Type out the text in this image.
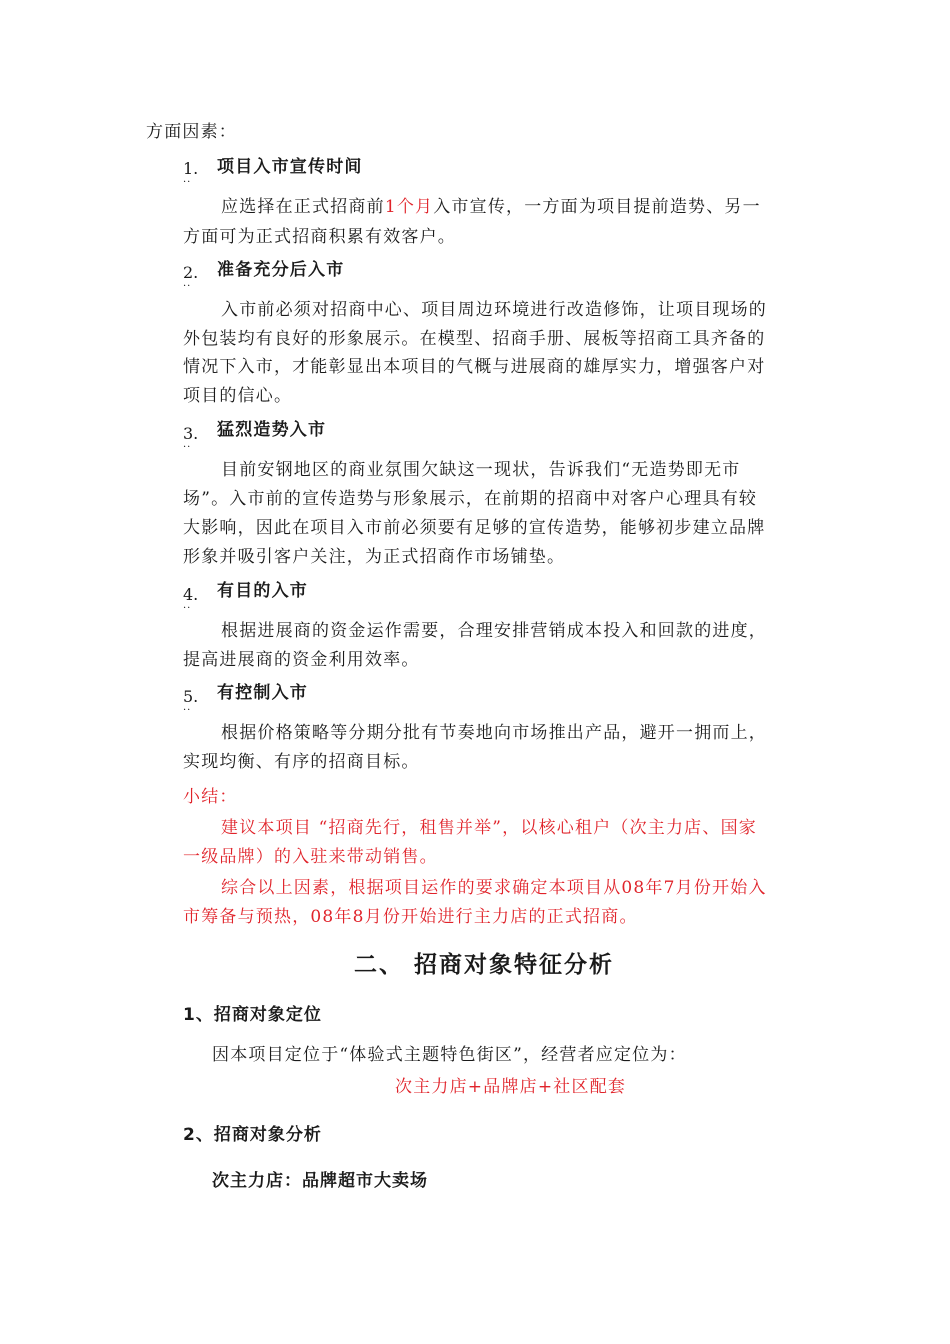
方面因素：
1.
··
项目入市宣传时间
应选择在正式招商前1个月入市宣传，一方面为项目提前造势、另一
方面可为正式招商积累有效客户。
2.
··
准备充分后入市
入市前必须对招商中心、项目周边环境进行改造修饰，让项目现场的
外包装均有良好的形象展示。在模型、招商手册、展板等招商工具齐备的
情况下入市，才能彰显出本项目的气概与进展商的雄厚实力，增强客户对
项目的信心。
3.
··
猛烈造势入市
目前安钢地区的商业氛围欠缺这一现状，告诉我们“无造势即无市
场”。入市前的宣传造势与形象展示，在前期的招商中对客户心理具有较
大影响，因此在项目入市前必须要有足够的宣传造势，能够初步建立品牌
形象并吸引客户关注，为正式招商作市场铺垫。
4.
··
有目的入市
根据进展商的资金运作需要，合理安排营销成本投入和回款的进度，
提高进展商的资金利用效率。
5.
··
有控制入市
根据价格策略等分期分批有节奏地向市场推出产品，避开一拥而上，
实现均衡、有序的招商目标。
小结：
建议本项目 “招商先行，租售并举”，以核心租户（次主力店、国家
一级品牌）的入驻来带动销售。
综合以上因素，根据项目运作的要求确定本项目从08年7月份开始入
市筹备与预热，08年8月份开始进行主力店的正式招商。
二、 招商对象特征分析
1、招商对象定位
因本项目定位于“体验式主题特色街区”，经营者应定位为：
次主力店+品牌店+社区配套
2、招商对象分析
次主力店：品牌超市大卖场
